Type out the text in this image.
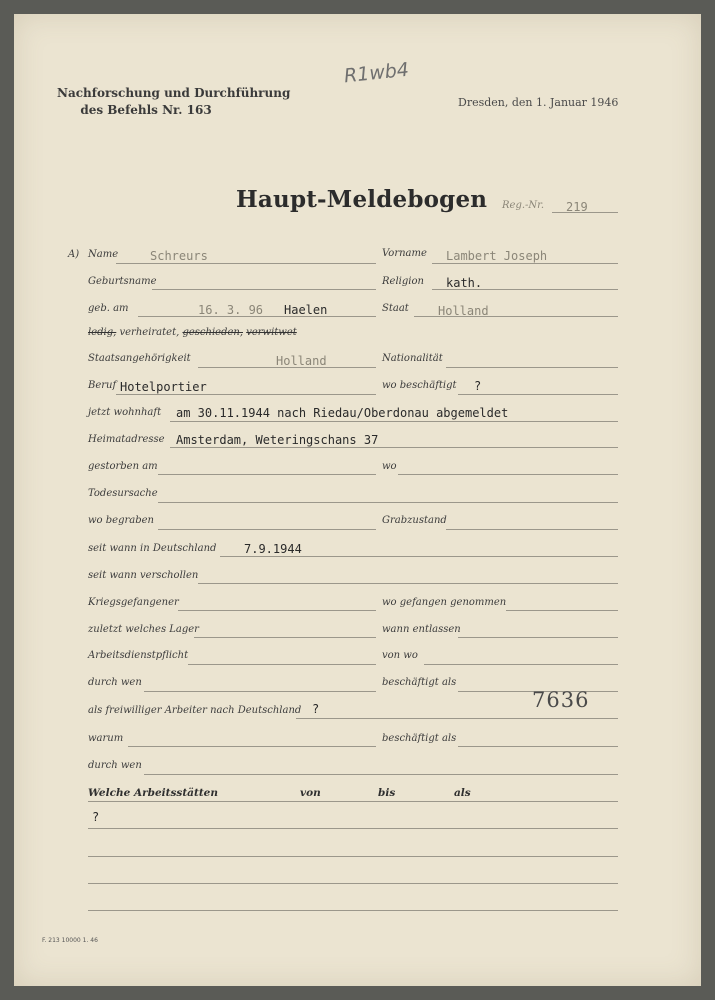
Nachforschung und Durchführung
des Befehls Nr. 163
R1wb4
Dresden, den 1. Januar 1946
Haupt-Meldebogen Reg.-Nr. 219
A) Name	Schreurs	Vorname Lambert Joseph
Geburtsname	Religion kath.
geb. am	16. 3. 96 Haelen	Staat Holland
ledig, verheiratet, geschieden, verwitwet
Staatsangehörigkeit	Holland	Nationalität
Beruf Hotelportier	wo beschäftigt ?
jetzt wohnhaft am 30.11.1944 nach Riedau/Oberdonau abgemeldet
Heimatadresse Amsterdam, Weteringschans 37
gestorben am	wo
Todesursache
wo begraben	Grabzustand
seit wann in Deutschland 7.9.1944
seit wann verschollen
Kriegsgefangener	wo gefangen genommen
zuletzt welches Lager	wann entlassen
Arbeitsdienstpflicht	von wo
durch wen	beschäftigt als
als freiwilliger Arbeiter nach Deutschland ?	7636
warum	beschäftigt als
durch wen
Welche Arbeitsstätten	von	bis	als
?
F. 213 10000 1. 46
